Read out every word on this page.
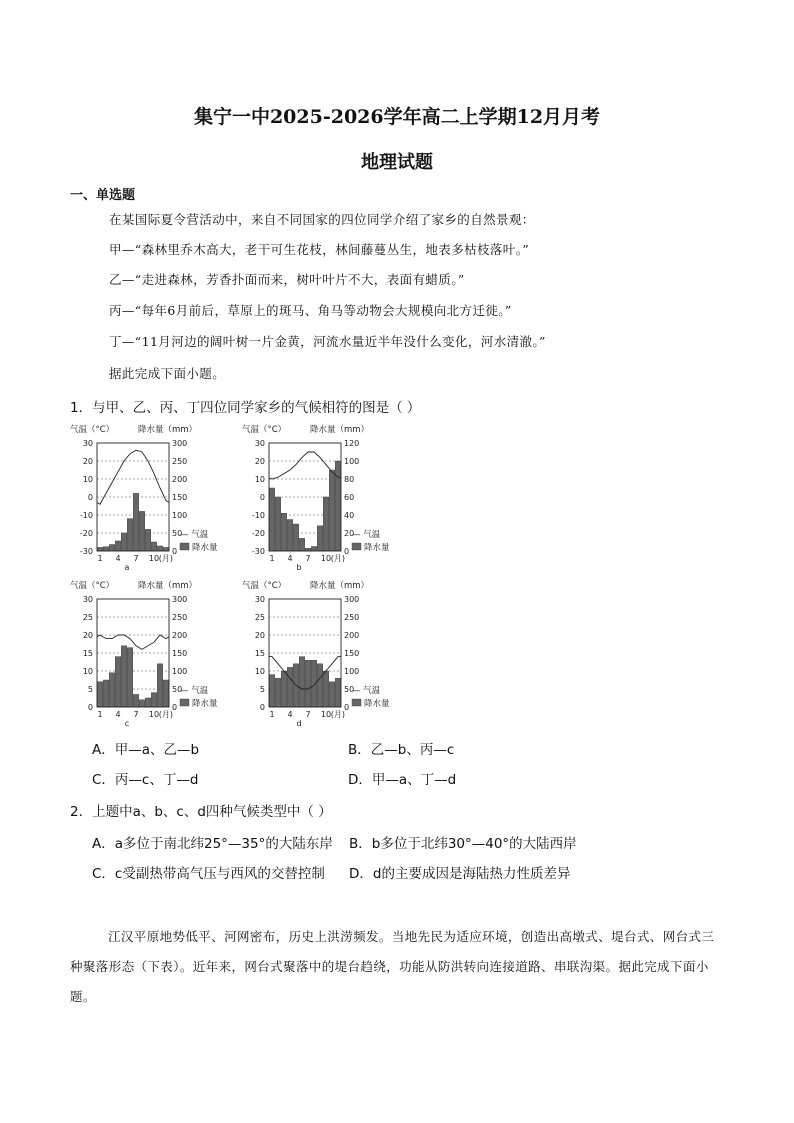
集宁一中2025-2026学年高二上学期12月月考
地理试题
一、单选题
在某国际夏令营活动中，来自不同国家的四位同学介绍了家乡的自然景观：
甲—“森林里乔木高大，老干可生花枝，林间藤蔓丛生，地表多枯枝落叶。”
乙—“走进森林，芳香扑面而来，树叶叶片不大，表面有蜡质。”
丙—“每年6月前后，草原上的斑马、角马等动物会大规模向北方迁徙。”
丁—“11月河边的阔叶树一片金黄，河流水量近半年没什么变化，河水清澈。”
据此完成下面小题。
1．与甲、乙、丙、丁四位同学家乡的气候相符的图是（ ）
气温（°C）	降水量（mm）
-30
-20
-10
0
10
20
30
0
50
100
150
200
250
300
1 4 7 10 (月)
a
— 气温
降水量
气温（°C）	降水量（mm）
-30
-20
-10
0
10
20
30
0
20
40
60
80
100
120
1 4 7 10 (月)
b
— 气温
降水量
气温（°C）	降水量（mm）
0
5
10
15
20
25
30
0
50
100
150
200
250
300
1 4 7 10 (月)
c
— 气温
降水量
气温（°C）	降水量（mm）
0
5
10
15
20
25
30
0
50
100
150
200
250
300
1 4 7 10 (月)
d
— 气温
降水量
A．甲—a、乙—b	B．乙—b、丙—c
C．丙—c、丁—d	D．甲—a、丁—d
2．上题中a、b、c、d四种气候类型中（ ）
A．a多位于南北纬25°—35°的大陆东岸 B．b多位于北纬30°—40°的大陆西岸
C．c受副热带高气压与西风的交替控制 D．d的主要成因是海陆热力性质差异
江汉平原地势低平、河网密布，历史上洪涝频发。当地先民为适应环境，创造出高墩式、堤台式、网台式三种聚落形态（下表）。近年来，网台式聚落中的堤台趋绕，功能从防洪转向连接道路、串联沟渠。据此完成下面小题。
